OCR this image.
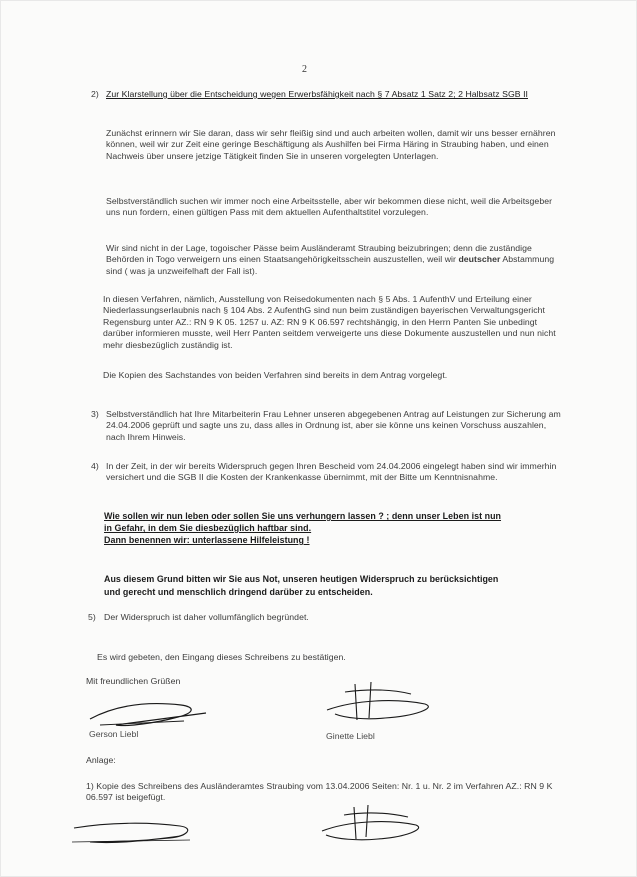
2
2) Zur Klarstellung über die Entscheidung wegen Erwerbsfähigkeit nach § 7 Absatz 1 Satz 2; 2 Halbsatz SGB II
Zunächst erinnern wir Sie daran, dass wir sehr fleißig sind und auch arbeiten wollen, damit wir uns besser ernähren können, weil wir zur Zeit eine geringe Beschäftigung als Aushilfen bei Firma Häring in Straubing haben, und einen Nachweis über unsere jetzige Tätigkeit finden Sie in unseren vorgelegten Unterlagen.
Selbstverständlich suchen wir immer noch eine Arbeitsstelle, aber wir bekommen diese nicht, weil die Arbeitsgeber uns nun fordern, einen gültigen Pass mit dem aktuellen Aufenthaltstitel vorzulegen.
Wir sind nicht in der Lage, togoischer Pässe beim Ausländeramt Straubing beizubringen; denn die zuständige Behörden in Togo verweigern uns einen Staatsangehörigkeitsschein auszustellen, weil wir deutscher Abstammung sind ( was ja unzweifelhaft der Fall ist).
In diesen Verfahren, nämlich, Ausstellung von Reisedokumenten nach § 5 Abs. 1 AufenthV und Erteilung einer Niederlassungserlaubnis nach § 104 Abs. 2 AufenthG sind nun beim zuständigen bayerischen Verwaltungsgericht Regensburg unter AZ.: RN 9 K 05. 1257 u. AZ: RN 9 K 06.597 rechtshängig, in den Herrn Panten Sie unbedingt darüber informieren musste, weil Herr Panten seitdem verweigerte uns diese Dokumente auszustellen und nun nicht mehr diesbezüglich zuständig ist.
Die Kopien des Sachstandes von beiden Verfahren sind bereits in dem Antrag vorgelegt.
3) Selbstverständlich hat Ihre Mitarbeiterin Frau Lehner unseren abgegebenen Antrag auf Leistungen zur Sicherung am 24.04.2006 geprüft und sagte uns zu, dass alles in Ordnung ist, aber sie könne uns keinen Vorschuss auszahlen, nach Ihrem Hinweis.
4) In der Zeit, in der wir bereits Widerspruch gegen Ihren Bescheid vom 24.04.2006 eingelegt haben sind wir immerhin versichert und die SGB II die Kosten der Krankenkasse übernimmt, mit der Bitte um Kenntnisnahme.
Wie sollen wir nun leben oder sollen Sie uns verhungern lassen ? ; denn unser Leben ist nun
in Gefahr, in dem Sie diesbezüglich haftbar sind.
Dann benennen wir: unterlassene Hilfeleistung !
Aus diesem Grund bitten wir Sie aus Not, unseren heutigen Widerspruch zu berücksichtigen und gerecht und menschlich dringend darüber zu entscheiden.
5) Der Widerspruch ist daher vollumfänglich begründet.
Es wird gebeten, den Eingang dieses Schreibens zu bestätigen.
Mit freundlichen Grüßen
Gerson Liebl	Ginette Liebl
Anlage:
1) Kopie des Schreibens des Ausländeramtes Straubing vom 13.04.2006 Seiten: Nr. 1 u. Nr. 2 im Verfahren AZ.: RN 9 K 06.597 ist beigefügt.
